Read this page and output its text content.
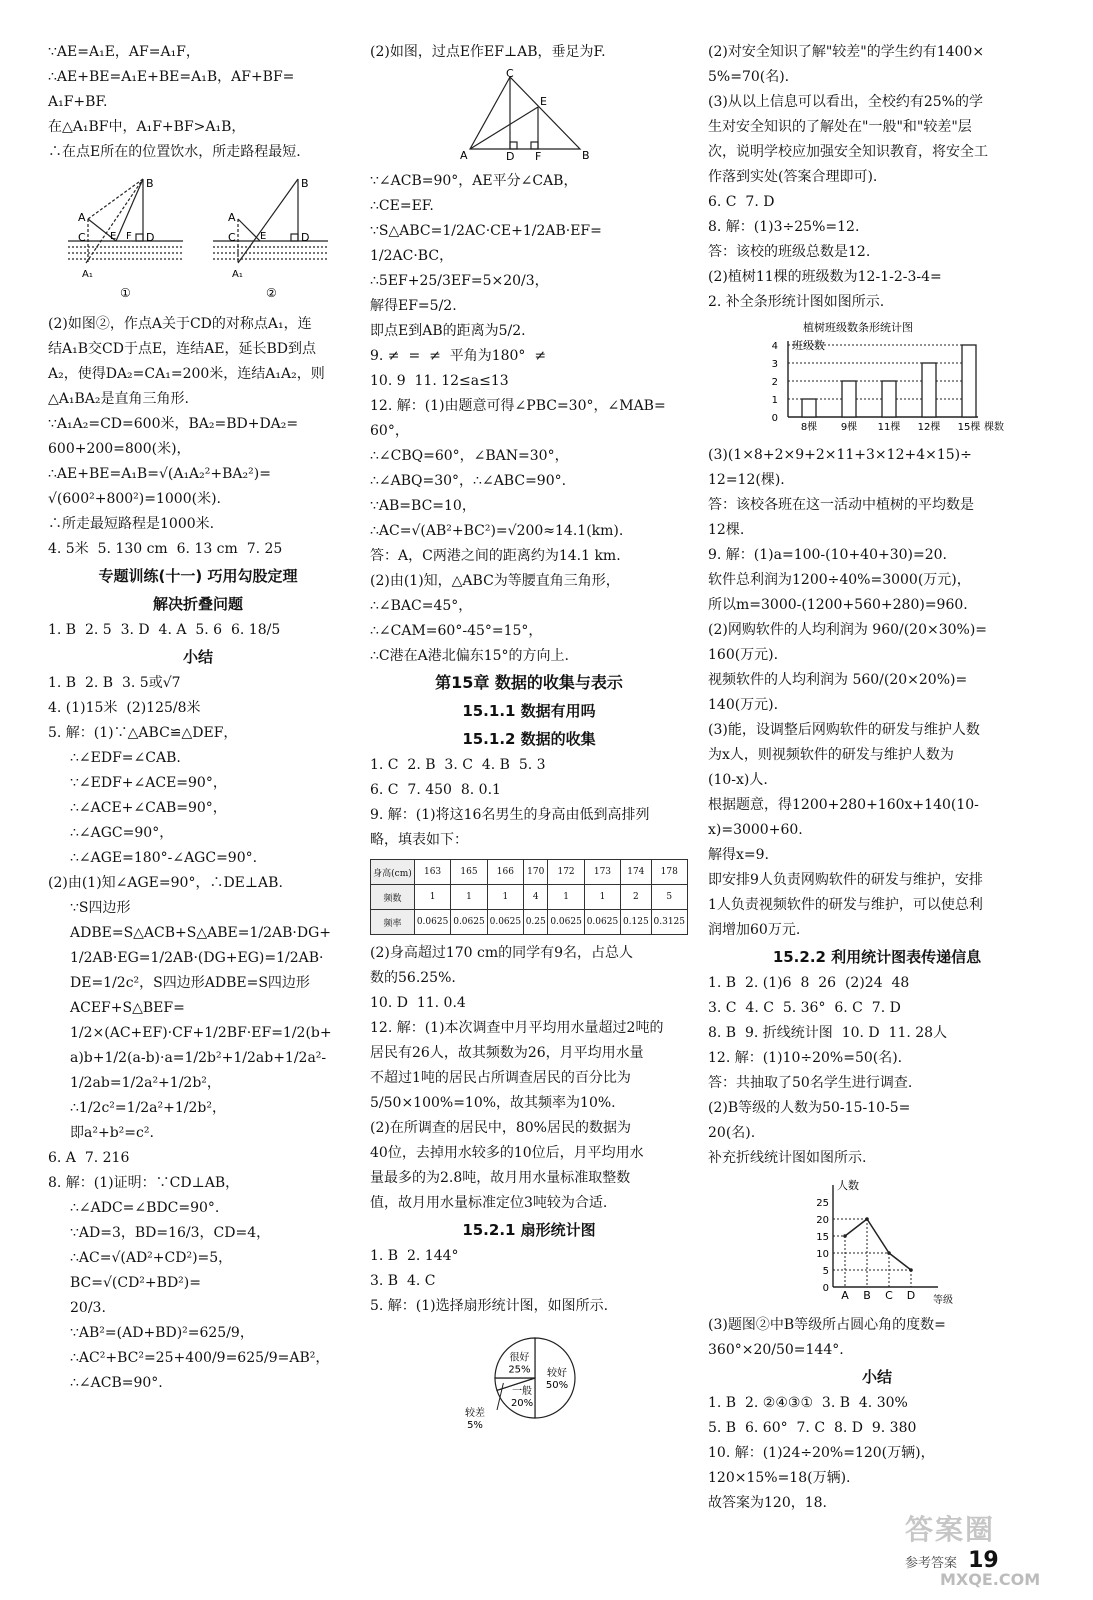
∵AE=A₁E，AF=A₁F，
∴AE+BE=A₁E+BE=A₁B，AF+BF=
A₁F+BF.
在△A₁BF中，A₁F+BF>A₁B，
∴在点E所在的位置饮水，所走路程最短.
B
A
C	D
E F
A₁
①
B
A
C	D
E
A₁
②
(2)如图②，作点A关于CD的对称点A₁，连
结A₁B交CD于点E，连结AE，延长BD到点
A₂，使得DA₂=CA₁=200米，连结A₁A₂，则
△A₁BA₂是直角三角形.
∵A₁A₂=CD=600米，BA₂=BD+DA₂=
600+200=800(米)，
∴AE+BE=A₁B=√(A₁A₂²+BA₂²)=
√(600²+800²)=1000(米).
∴所走最短路程是1000米.
4. 5米  5. 130 cm  6. 13 cm  7. 25
专题训练(十一) 巧用勾股定理
解决折叠问题
1. B  2. 5  3. D  4. A  5. 6  6. 18/5
小结
1. B  2. B  3. 5或√7
4. (1)15米  (2)125/8米
5. 解：(1)∵△ABC≌△DEF，
∴∠EDF=∠CAB.
∵∠EDF+∠ACE=90°，
∴∠ACE+∠CAB=90°，
∴∠AGC=90°，
∴∠AGE=180°-∠AGC=90°.
(2)由(1)知∠AGE=90°，∴DE⊥AB.
∵S四边形ADBE=S△ACB+S△ABE=1/2AB·DG+
1/2AB·EG=1/2AB·(DG+EG)=1/2AB·
DE=1/2c²，S四边形ADBE=S四边形ACEF+S△BEF=
1/2×(AC+EF)·CF+1/2BF·EF=1/2(b+
a)b+1/2(a-b)·a=1/2b²+1/2ab+1/2a²-
1/2ab=1/2a²+1/2b²，
∴1/2c²=1/2a²+1/2b²，
即a²+b²=c².
6. A  7. 216
8. 解：(1)证明：∵CD⊥AB，
∴∠ADC=∠BDC=90°.
∵AD=3，BD=16/3，CD=4，
∴AC=√(AD²+CD²)=5，BC=√(CD²+BD²)=
20/3.
∵AB²=(AD+BD)²=625/9，
∴AC²+BC²=25+400/9=625/9=AB²，
∴∠ACB=90°.
(2)如图，过点E作EF⊥AB，垂足为F.
C
E
A	D F	B
∵∠ACB=90°，AE平分∠CAB，
∴CE=EF.
∵S△ABC=1/2AC·CE+1/2AB·EF=
1/2AC·BC，
∴5EF+25/3EF=5×20/3，
解得EF=5/2.
即点E到AB的距离为5/2.
9. ≠  =  ≠  平角为180°  ≠
10. 9  11. 12≤a≤13
12. 解：(1)由题意可得∠PBC=30°，∠MAB=
60°，
∴∠CBQ=60°，∠BAN=30°，
∴∠ABQ=30°，∴∠ABC=90°.
∵AB=BC=10，
∴AC=√(AB²+BC²)=√200≈14.1(km).
答：A，C两港之间的距离约为14.1 km.
(2)由(1)知，△ABC为等腰直角三角形，
∴∠BAC=45°，
∴∠CAM=60°-45°=15°，
∴C港在A港北偏东15°的方向上.
第15章 数据的收集与表示
15.1.1 数据有用吗
15.1.2 数据的收集
1. C  2. B  3. C  4. B  5. 3
6. C  7. 450  8. 0.1
9. 解：(1)将这16名男生的身高由低到高排列
略，填表如下：
身高(cm)	163	165	166	170	172	173	174	178
频数	1	1	1	4	1	1	2	5
频率	0.0625	0.0625	0.0625	0.25	0.0625	0.0625	0.125	0.3125
(2)身高超过170 cm的同学有9名，占总人
数的56.25%.
10. D  11. 0.4
12. 解：(1)本次调查中月平均用水量超过2吨的
居民有26人，故其频数为26，月平均用水量
不超过1吨的居民占所调查居民的百分比为
5/50×100%=10%，故其频率为10%.
(2)在所调查的居民中，80%居民的数据为
40位，去掉用水较多的10位后，月平均用水
量最多的为2.8吨，故月用水量标准取整数
值，故月用水量标准定位3吨较为合适.
15.2.1 扇形统计图
1. B  2. 144°
3. B  4. C
5. 解：(1)选择扇形统计图，如图所示.
较好
50%
一般
20%
较差
5%
很好
25%
(2)对安全知识了解"较差"的学生约有1400×
5%=70(名).
(3)从以上信息可以看出，全校约有25%的学
生对安全知识的了解处在"一般"和"较差"层
次，说明学校应加强安全知识教育，将安全工
作落到实处(答案合理即可).
6. C  7. D
8. 解：(1)3÷25%=12.
答：该校的班级总数是12.
(2)植树11棵的班级数为12-1-2-3-4=
2. 补全条形统计图如图所示.
植树班级数条形统计图
班级数
0
1
2
3
4
8棵 9棵 11棵 12棵 15棵 棵数
(3)(1×8+2×9+2×11+3×12+4×15)÷
12=12(棵).
答：该校各班在这一活动中植树的平均数是
12棵.
9. 解：(1)a=100-(10+40+30)=20.
软件总利润为1200÷40%=3000(万元)，
所以m=3000-(1200+560+280)=960.
(2)网购软件的人均利润为 960/(20×30%)=
160(万元).
视频软件的人均利润为 560/(20×20%)=
140(万元).
(3)能，设调整后网购软件的研发与维护人数
为x人，则视频软件的研发与维护人数为
(10-x)人.
根据题意，得1200+280+160x+140(10-
x)=3000+60.
解得x=9.
即安排9人负责网购软件的研发与维护，安排
1人负责视频软件的研发与维护，可以使总利
润增加60万元.
15.2.2 利用统计图表传递信息
1. B  2. (1)6  8  26  (2)24  48
3. C  4. C  5. 36°  6. C  7. D
8. B  9. 折线统计图  10. D  11. 28人
12. 解：(1)10÷20%=50(名).
答：共抽取了50名学生进行调查.
(2)B等级的人数为50-15-10-5=
20(名).
补充折线统计图如图所示.
人数
0
5
10
15
20
25
A B C D 等级
(3)题图②中B等级所占圆心角的度数=
360°×20/50=144°.
小结
1. B  2. ②④③①  3. B  4. 30%
5. B  6. 60°  7. C  8. D  9. 380
10. 解：(1)24÷20%=120(万辆)，
120×15%=18(万辆).
故答案为120，18.
答案圈
MXQE.COM
参考答案 19
